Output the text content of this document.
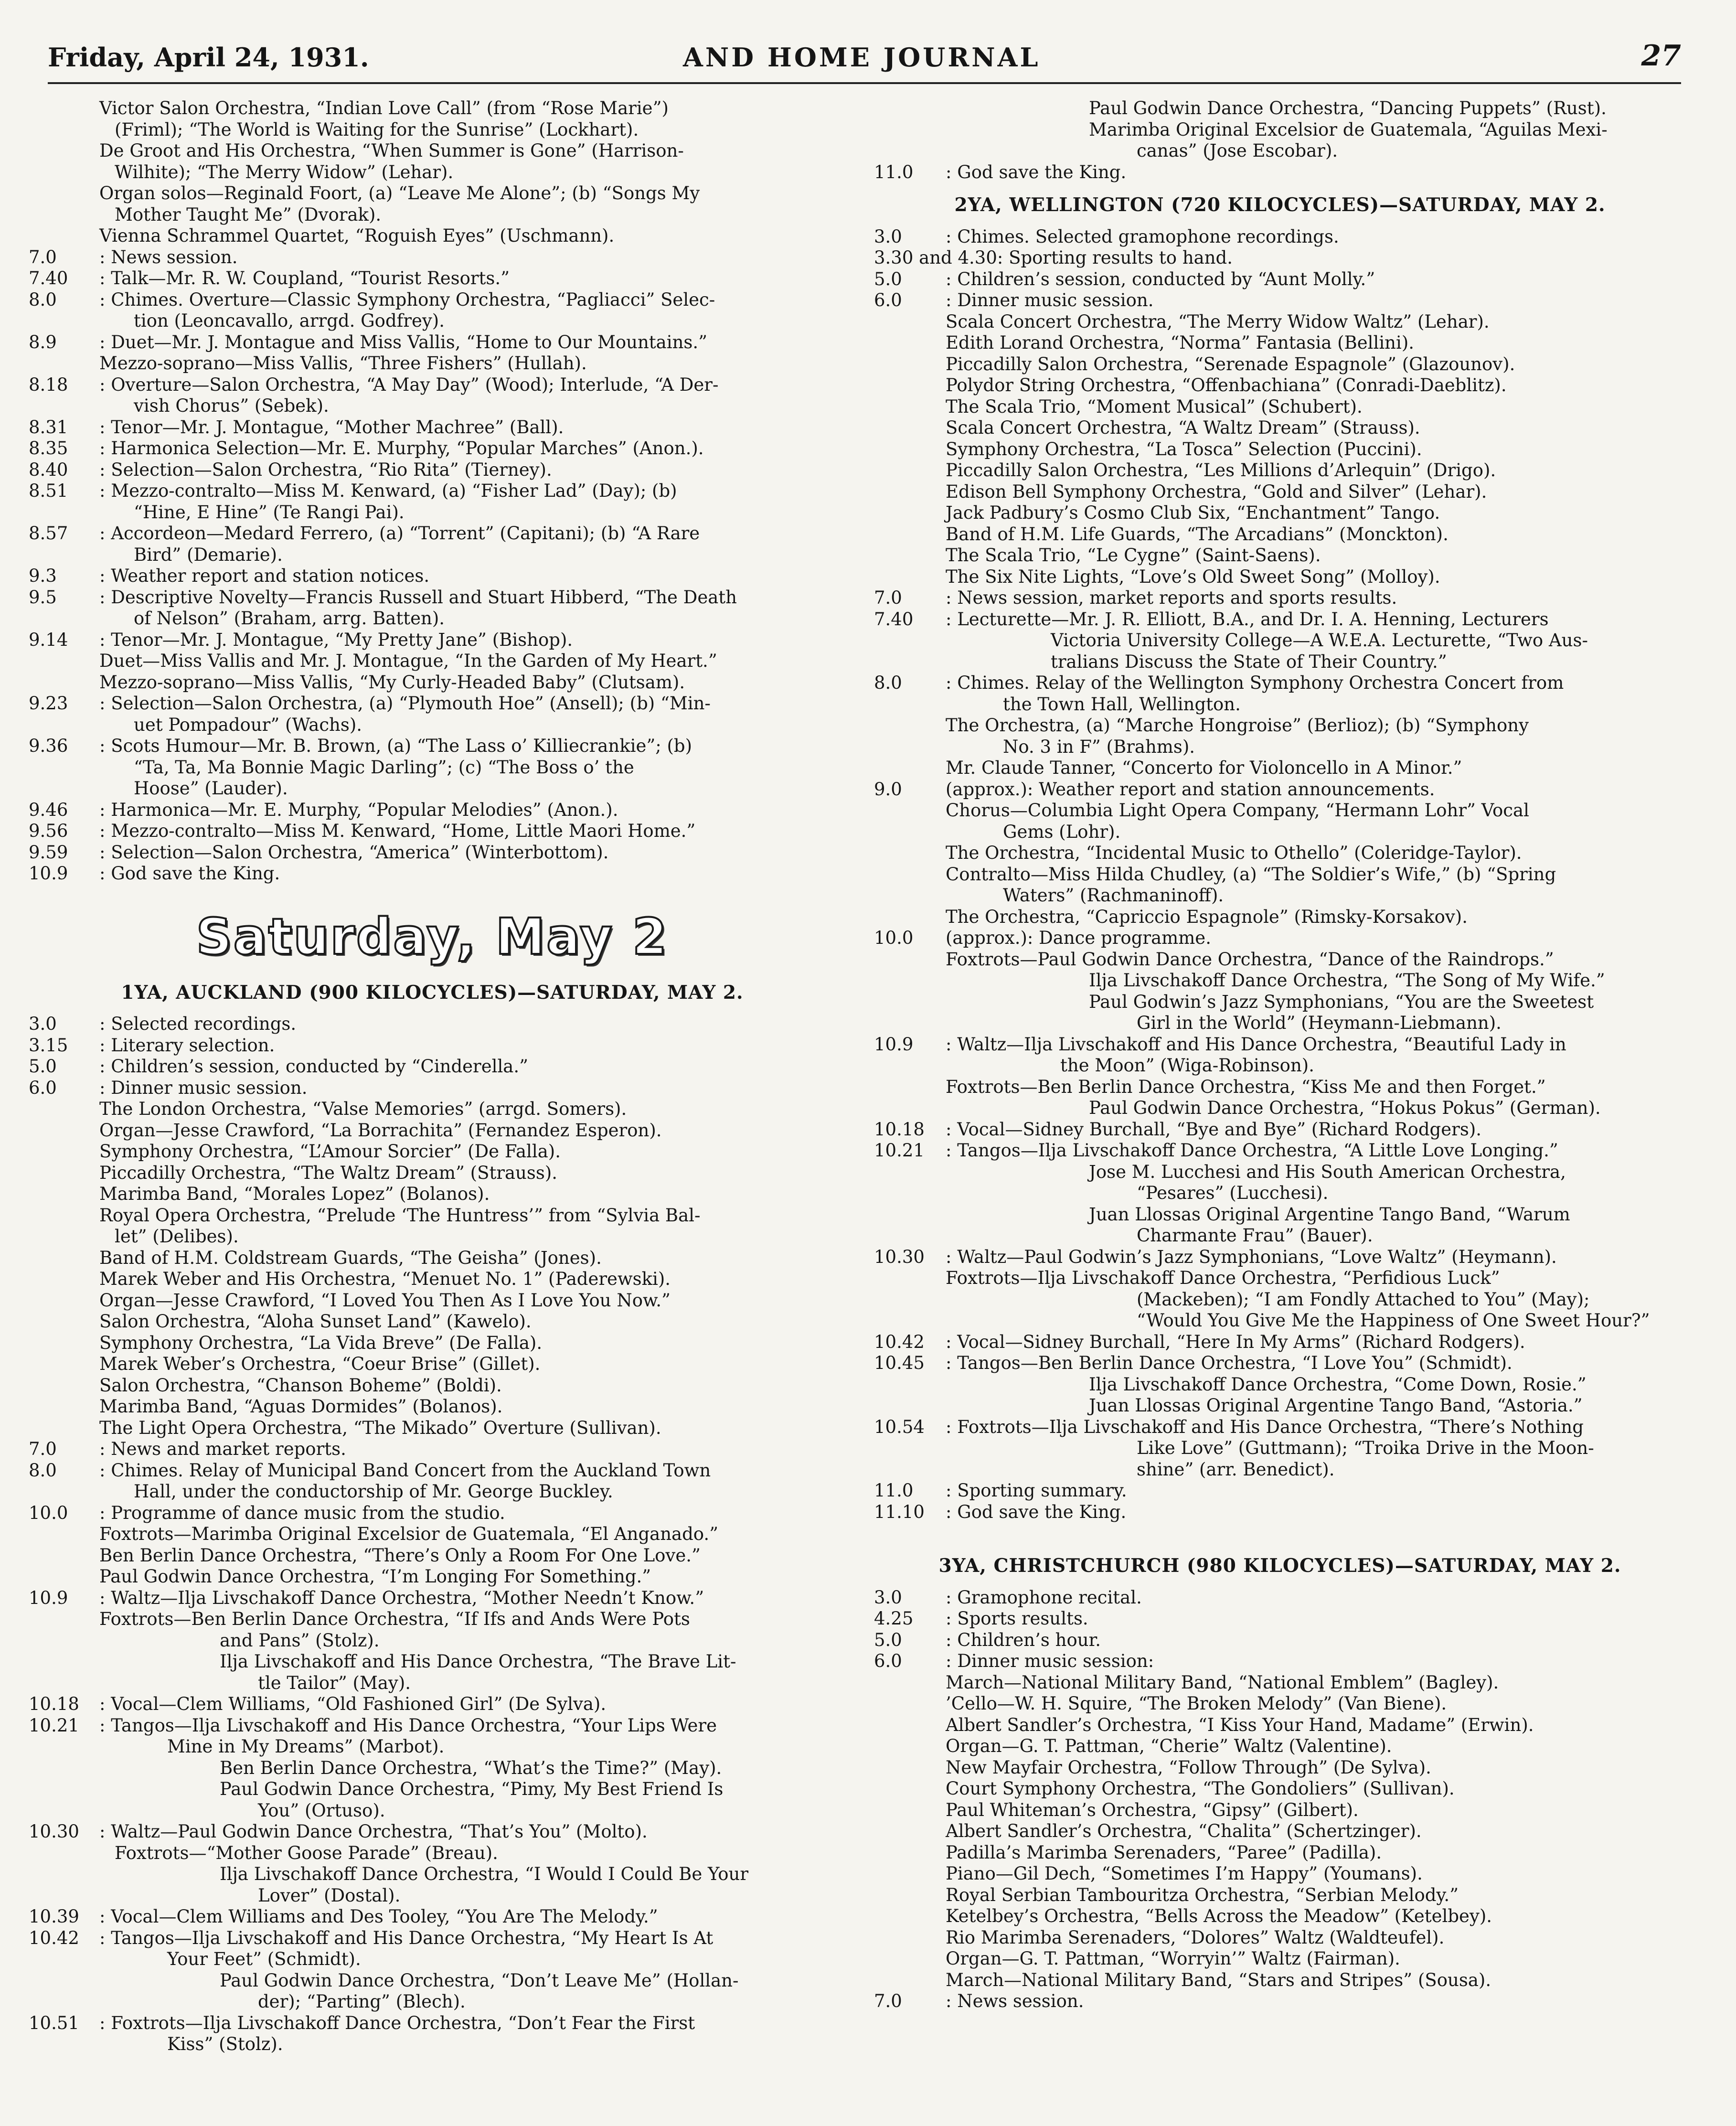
Friday, April 24, 1931.	AND HOME JOURNAL	27
Victor Salon Orchestra, “Indian Love Call” (from “Rose Marie”)
(Friml); “The World is Waiting for the Sunrise” (Lockhart).
De Groot and His Orchestra, “When Summer is Gone” (Harrison-
Wilhite); “The Merry Widow” (Lehar).
Organ solos—Reginald Foort, (a) “Leave Me Alone”; (b) “Songs My
Mother Taught Me” (Dvorak).
Vienna Schrammel Quartet, “Roguish Eyes” (Uschmann).
7.0	: News session.
7.40	: Talk—Mr. R. W. Coupland, “Tourist Resorts.”
8.0	: Chimes. Overture—Classic Symphony Orchestra, “Pagliacci” Selec-
tion (Leoncavallo, arrgd. Godfrey).
8.9	: Duet—Mr. J. Montague and Miss Vallis, “Home to Our Mountains.”
Mezzo-soprano—Miss Vallis, “Three Fishers” (Hullah).
8.18	: Overture—Salon Orchestra, “A May Day” (Wood); Interlude, “A Der-
vish Chorus” (Sebek).
8.31	: Tenor—Mr. J. Montague, “Mother Machree” (Ball).
8.35	: Harmonica Selection—Mr. E. Murphy, “Popular Marches” (Anon.).
8.40	: Selection—Salon Orchestra, “Rio Rita” (Tierney).
8.51	: Mezzo-contralto—Miss M. Kenward, (a) “Fisher Lad” (Day); (b)
“Hine, E Hine” (Te Rangi Pai).
8.57	: Accordeon—Medard Ferrero, (a) “Torrent” (Capitani); (b) “A Rare
Bird” (Demarie).
9.3	: Weather report and station notices.
9.5	: Descriptive Novelty—Francis Russell and Stuart Hibberd, “The Death
of Nelson” (Braham, arrg. Batten).
9.14	: Tenor—Mr. J. Montague, “My Pretty Jane” (Bishop).
Duet—Miss Vallis and Mr. J. Montague, “In the Garden of My Heart.”
Mezzo-soprano—Miss Vallis, “My Curly-Headed Baby” (Clutsam).
9.23	: Selection—Salon Orchestra, (a) “Plymouth Hoe” (Ansell); (b) “Min-
uet Pompadour” (Wachs).
9.36	: Scots Humour—Mr. B. Brown, (a) “The Lass o’ Killiecrankie”; (b)
“Ta, Ta, Ma Bonnie Magic Darling”; (c) “The Boss o’ the
Hoose” (Lauder).
9.46	: Harmonica—Mr. E. Murphy, “Popular Melodies” (Anon.).
9.56	: Mezzo-contralto—Miss M. Kenward, “Home, Little Maori Home.”
9.59	: Selection—Salon Orchestra, “America” (Winterbottom).
10.9	: God save the King.
Saturday, May 2
1YA, AUCKLAND (900 KILOCYCLES)—SATURDAY, MAY 2.
3.0	: Selected recordings.
3.15	: Literary selection.
5.0	: Children’s session, conducted by “Cinderella.”
6.0	: Dinner music session.
The London Orchestra, “Valse Memories” (arrgd. Somers).
Organ—Jesse Crawford, “La Borrachita” (Fernandez Esperon).
Symphony Orchestra, “L’Amour Sorcier” (De Falla).
Piccadilly Orchestra, “The Waltz Dream” (Strauss).
Marimba Band, “Morales Lopez” (Bolanos).
Royal Opera Orchestra, “Prelude ‘The Huntress’” from “Sylvia Bal-
let” (Delibes).
Band of H.M. Coldstream Guards, “The Geisha” (Jones).
Marek Weber and His Orchestra, “Menuet No. 1” (Paderewski).
Organ—Jesse Crawford, “I Loved You Then As I Love You Now.”
Salon Orchestra, “Aloha Sunset Land” (Kawelo).
Symphony Orchestra, “La Vida Breve” (De Falla).
Marek Weber’s Orchestra, “Coeur Brise” (Gillet).
Salon Orchestra, “Chanson Boheme” (Boldi).
Marimba Band, “Aguas Dormides” (Bolanos).
The Light Opera Orchestra, “The Mikado” Overture (Sullivan).
7.0	: News and market reports.
8.0	: Chimes. Relay of Municipal Band Concert from the Auckland Town
Hall, under the conductorship of Mr. George Buckley.
10.0	: Programme of dance music from the studio.
Foxtrots—Marimba Original Excelsior de Guatemala, “El Anganado.”
Ben Berlin Dance Orchestra, “There’s Only a Room For One Love.”
Paul Godwin Dance Orchestra, “I’m Longing For Something.”
10.9	: Waltz—Ilja Livschakoff Dance Orchestra, “Mother Needn’t Know.”
Foxtrots—Ben Berlin Dance Orchestra, “If Ifs and Ands Were Pots
and Pans” (Stolz).
Ilja Livschakoff and His Dance Orchestra, “The Brave Lit-
tle Tailor” (May).
10.18	: Vocal—Clem Williams, “Old Fashioned Girl” (De Sylva).
10.21	: Tangos—Ilja Livschakoff and His Dance Orchestra, “Your Lips Were
Mine in My Dreams” (Marbot).
Ben Berlin Dance Orchestra, “What’s the Time?” (May).
Paul Godwin Dance Orchestra, “Pimy, My Best Friend Is
You” (Ortuso).
10.30	: Waltz—Paul Godwin Dance Orchestra, “That’s You” (Molto).
Foxtrots—“Mother Goose Parade” (Breau).
Ilja Livschakoff Dance Orchestra, “I Would I Could Be Your
Lover” (Dostal).
10.39	: Vocal—Clem Williams and Des Tooley, “You Are The Melody.”
10.42	: Tangos—Ilja Livschakoff and His Dance Orchestra, “My Heart Is At
Your Feet” (Schmidt).
Paul Godwin Dance Orchestra, “Don’t Leave Me” (Hollan-
der); “Parting” (Blech).
10.51	: Foxtrots—Ilja Livschakoff Dance Orchestra, “Don’t Fear the First
Kiss” (Stolz).
Paul Godwin Dance Orchestra, “Dancing Puppets” (Rust).
Marimba Original Excelsior de Guatemala, “Aguilas Mexi-
canas” (Jose Escobar).
11.0	: God save the King.
2YA, WELLINGTON (720 KILOCYCLES)—SATURDAY, MAY 2.
3.0	: Chimes. Selected gramophone recordings.
3.30 and 4.30 : Sporting results to hand.
5.0	: Children’s session, conducted by “Aunt Molly.”
6.0	: Dinner music session.
Scala Concert Orchestra, “The Merry Widow Waltz” (Lehar).
Edith Lorand Orchestra, “Norma” Fantasia (Bellini).
Piccadilly Salon Orchestra, “Serenade Espagnole” (Glazounov).
Polydor String Orchestra, “Offenbachiana” (Conradi-Daeblitz).
The Scala Trio, “Moment Musical” (Schubert).
Scala Concert Orchestra, “A Waltz Dream” (Strauss).
Symphony Orchestra, “La Tosca” Selection (Puccini).
Piccadilly Salon Orchestra, “Les Millions d’Arlequin” (Drigo).
Edison Bell Symphony Orchestra, “Gold and Silver” (Lehar).
Jack Padbury’s Cosmo Club Six, “Enchantment” Tango.
Band of H.M. Life Guards, “The Arcadians” (Monckton).
The Scala Trio, “Le Cygne” (Saint-Saens).
The Six Nite Lights, “Love’s Old Sweet Song” (Molloy).
7.0	: News session, market reports and sports results.
7.40	: Lecturette—Mr. J. R. Elliott, B.A., and Dr. I. A. Henning, Lecturers
Victoria University College—A W.E.A. Lecturette, “Two Aus-
tralians Discuss the State of Their Country.”
8.0	: Chimes. Relay of the Wellington Symphony Orchestra Concert from
the Town Hall, Wellington.
The Orchestra, (a) “Marche Hongroise” (Berlioz); (b) “Symphony
No. 3 in F” (Brahms).
Mr. Claude Tanner, “Concerto for Violoncello in A Minor.”
9.0	(approx.): Weather report and station announcements.
Chorus—Columbia Light Opera Company, “Hermann Lohr” Vocal
Gems (Lohr).
The Orchestra, “Incidental Music to Othello” (Coleridge-Taylor).
Contralto—Miss Hilda Chudley, (a) “The Soldier’s Wife,” (b) “Spring
Waters” (Rachmaninoff).
The Orchestra, “Capriccio Espagnole” (Rimsky-Korsakov).
10.0	(approx.): Dance programme.
Foxtrots—Paul Godwin Dance Orchestra, “Dance of the Raindrops.”
Ilja Livschakoff Dance Orchestra, “The Song of My Wife.”
Paul Godwin’s Jazz Symphonians, “You are the Sweetest
Girl in the World” (Heymann-Liebmann).
10.9	: Waltz—Ilja Livschakoff and His Dance Orchestra, “Beautiful Lady in
the Moon” (Wiga-Robinson).
Foxtrots—Ben Berlin Dance Orchestra, “Kiss Me and then Forget.”
Paul Godwin Dance Orchestra, “Hokus Pokus” (German).
10.18	: Vocal—Sidney Burchall, “Bye and Bye” (Richard Rodgers).
10.21	: Tangos—Ilja Livschakoff Dance Orchestra, “A Little Love Longing.”
Jose M. Lucchesi and His South American Orchestra,
“Pesares” (Lucchesi).
Juan Llossas Original Argentine Tango Band, “Warum
Charmante Frau” (Bauer).
10.30	: Waltz—Paul Godwin’s Jazz Symphonians, “Love Waltz” (Heymann).
Foxtrots—Ilja Livschakoff Dance Orchestra, “Perfidious Luck”
(Mackeben); “I am Fondly Attached to You” (May);
“Would You Give Me the Happiness of One Sweet Hour?”
10.42	: Vocal—Sidney Burchall, “Here In My Arms” (Richard Rodgers).
10.45	: Tangos—Ben Berlin Dance Orchestra, “I Love You” (Schmidt).
Ilja Livschakoff Dance Orchestra, “Come Down, Rosie.”
Juan Llossas Original Argentine Tango Band, “Astoria.”
10.54	: Foxtrots—Ilja Livschakoff and His Dance Orchestra, “There’s Nothing
Like Love” (Guttmann); “Troika Drive in the Moon-
shine” (arr. Benedict).
11.0	: Sporting summary.
11.10	: God save the King.
3YA, CHRISTCHURCH (980 KILOCYCLES)—SATURDAY, MAY 2.
3.0	: Gramophone recital.
4.25	: Sports results.
5.0	: Children’s hour.
6.0	: Dinner music session:
March—National Military Band, “National Emblem” (Bagley).
’Cello—W. H. Squire, “The Broken Melody” (Van Biene).
Albert Sandler’s Orchestra, “I Kiss Your Hand, Madame” (Erwin).
Organ—G. T. Pattman, “Cherie” Waltz (Valentine).
New Mayfair Orchestra, “Follow Through” (De Sylva).
Court Symphony Orchestra, “The Gondoliers” (Sullivan).
Paul Whiteman’s Orchestra, “Gipsy” (Gilbert).
Albert Sandler’s Orchestra, “Chalita” (Schertzinger).
Padilla’s Marimba Serenaders, “Paree” (Padilla).
Piano—Gil Dech, “Sometimes I’m Happy” (Youmans).
Royal Serbian Tambouritza Orchestra, “Serbian Melody.”
Ketelbey’s Orchestra, “Bells Across the Meadow” (Ketelbey).
Rio Marimba Serenaders, “Dolores” Waltz (Waldteufel).
Organ—G. T. Pattman, “Worryin’” Waltz (Fairman).
March—National Military Band, “Stars and Stripes” (Sousa).
7.0	: News session.
